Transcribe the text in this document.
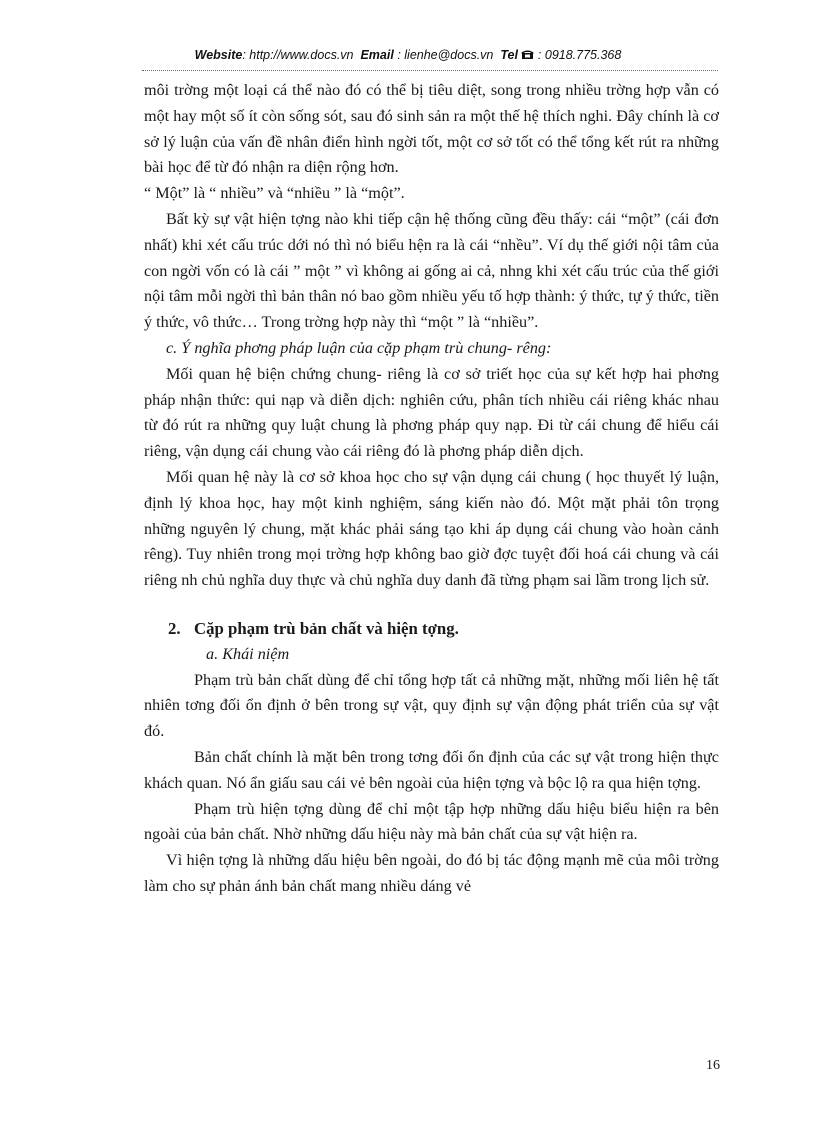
Website: http://www.docs.vn Email : lienhe@docs.vn Tel : 0918.775.368

môi trờng một loại cá thể nào đó có thể bị tiêu diệt, song trong nhiều trờng hợp vẫn có một hay một số ít còn sống sót, sau đó sinh sản ra một thế hệ thích nghi. Đây chính là cơ sở lý luận của vấn đề nhân điển hình ngời tốt, một cơ sở tốt có thể tổng kết rút ra những bài học để từ đó nhận ra diện rộng hơn.

“ Một” là “ nhiều” và “nhiều ” là “một”.

Bất kỳ sự vật hiện tợng nào khi tiếp cận hệ thống cũng đều thấy: cái “một” (cái đơn nhất) khi xét cấu trúc dới nó thì nó biểu hện ra là cái “nhều”. Ví dụ thế giới nội tâm của con ngời vốn có là cái ” một ” vì không ai gống ai cả, nhng khi xét cấu trúc của thế giới nội tâm mỗi ngời thì bản thân nó bao gồm nhiều yếu tố hợp thành: ý thức, tự ý thức, tiền ý thức, vô thức… Trong trờng hợp này thì “một ” là “nhiều”.

c. Ý nghĩa phơng pháp luận của cặp phạm trù chung- rêng:

Mối quan hệ biện chứng chung- riêng là cơ sở triết học của sự kết hợp hai phơng pháp nhận thức: qui nạp và diễn dịch: nghiên cứu, phân tích nhiều cái riêng khác nhau từ đó rút ra những quy luật chung là phơng pháp quy nạp. Đi từ cái chung để hiểu cái riêng, vận dụng cái chung vào cái riêng đó là phơng pháp diễn dịch.

Mối quan hệ này là cơ sở khoa học cho sự vận dụng cái chung ( học thuyết lý luận, định lý khoa học, hay một kinh nghiệm, sáng kiến nào đó. Một mặt phải tôn trọng những nguyên lý chung, mặt khác phải sáng tạo khi áp dụng cái chung vào hoàn cảnh rêng). Tuy nhiên trong mọi trờng hợp không bao giờ đợc tuyệt đối hoá cái chung và cái riêng nh chủ nghĩa duy thực và chủ nghĩa duy danh đã từng phạm sai lầm trong lịch sử.

2. Cặp phạm trù bản chất và hiện tợng.

a. Khái niệm

Phạm trù bản chất dùng để chỉ tổng hợp tất cả những mặt, những mối liên hệ tất nhiên tơng đối ổn định ở bên trong sự vật, quy định sự vận động phát triển của sự vật đó.

Bản chất chính là mặt bên trong tơng đối ổn định của các sự vật trong hiện thực khách quan. Nó ẩn giấu sau cái vẻ bên ngoài của hiện tợng và bộc lộ ra qua hiện tợng.

Phạm trù hiện tợng dùng để chỉ một tập hợp những dấu hiệu biểu hiện ra bên ngoài của bản chất. Nhờ những dấu hiệu này mà bản chất của sự vật hiện ra.

Vì hiện tợng là những dấu hiệu bên ngoài, do đó bị tác động mạnh mẽ của môi trờng làm cho sự phản ánh bản chất mang nhiều dáng vẻ

16
